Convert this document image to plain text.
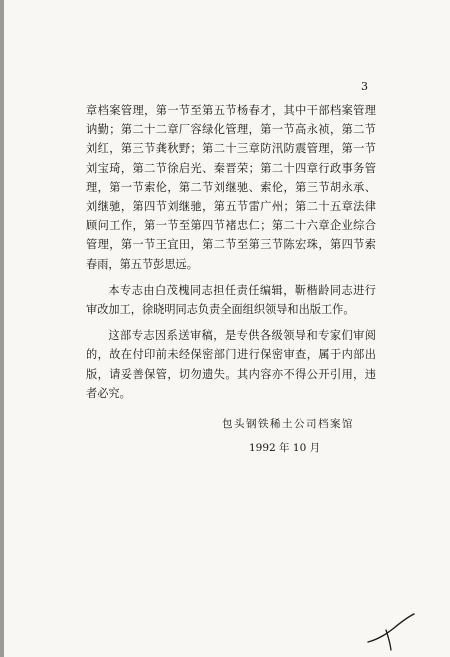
3

章档案管理，第一节至第五节杨春才，其中干部档案管理讷勤；第二十二章厂容绿化管理，第一节高永祯，第二节刘红，第三节龚秋野；第二十三章防汛防震管理，第一节刘宝琦，第二节徐启光、秦晋荣；第二十四章行政事务管理，第一节索伦，第二节刘继驰、索伦，第三节胡永承、刘继驰，第四节刘继驰，第五节雷广州；第二十五章法律顾问工作，第一节至第四节褚忠仁；第二十六章企业综合管理，第一节王宜田，第二节至第三节陈宏珠，第四节索春雨，第五节彭思远。

本专志由白茂槐同志担任责任编辑，靳楷龄同志进行审改加工，徐晓明同志负责全面组织领导和出版工作。

这部专志因系送审稿，是专供各级领导和专家们审阅的，故在付印前未经保密部门进行保密审查，属于内部出版，请妥善保管，切勿遗失。其内容亦不得公开引用，违者必究。

包头钢铁稀土公司档案馆
1992 年 10 月
